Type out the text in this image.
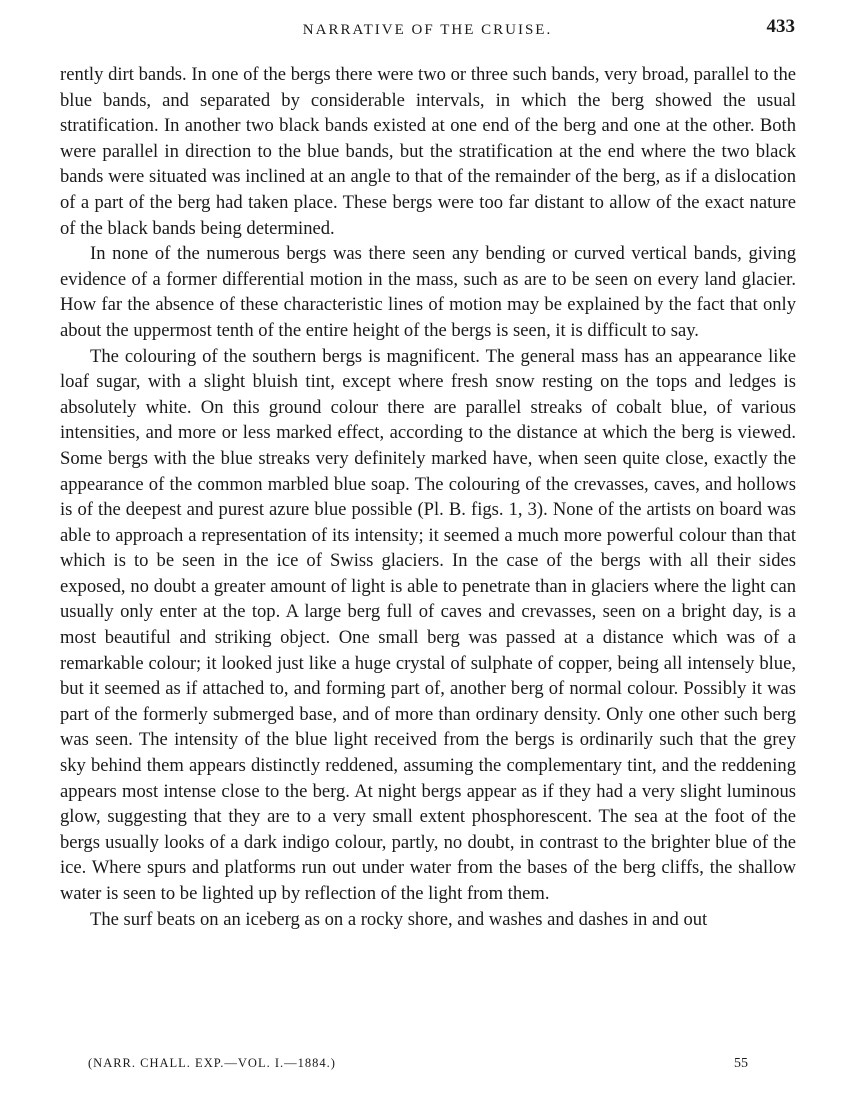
NARRATIVE OF THE CRUISE.	433

rently dirt bands. In one of the bergs there were two or three such bands, very broad, parallel to the blue bands, and separated by considerable intervals, in which the berg showed the usual stratification. In another two black bands existed at one end of the berg and one at the other. Both were parallel in direction to the blue bands, but the stratification at the end where the two black bands were situated was inclined at an angle to that of the remainder of the berg, as if a dislocation of a part of the berg had taken place. These bergs were too far distant to allow of the exact nature of the black bands being determined.

In none of the numerous bergs was there seen any bending or curved vertical bands, giving evidence of a former differential motion in the mass, such as are to be seen on every land glacier. How far the absence of these characteristic lines of motion may be explained by the fact that only about the uppermost tenth of the entire height of the bergs is seen, it is difficult to say.

The colouring of the southern bergs is magnificent. The general mass has an appearance like loaf sugar, with a slight bluish tint, except where fresh snow resting on the tops and ledges is absolutely white. On this ground colour there are parallel streaks of cobalt blue, of various intensities, and more or less marked effect, according to the distance at which the berg is viewed. Some bergs with the blue streaks very definitely marked have, when seen quite close, exactly the appearance of the common marbled blue soap. The colouring of the crevasses, caves, and hollows is of the deepest and purest azure blue possible (Pl. B. figs. 1, 3). None of the artists on board was able to approach a representation of its intensity; it seemed a much more powerful colour than that which is to be seen in the ice of Swiss glaciers. In the case of the bergs with all their sides exposed, no doubt a greater amount of light is able to penetrate than in glaciers where the light can usually only enter at the top. A large berg full of caves and crevasses, seen on a bright day, is a most beautiful and striking object. One small berg was passed at a distance which was of a remarkable colour; it looked just like a huge crystal of sulphate of copper, being all intensely blue, but it seemed as if attached to, and forming part of, another berg of normal colour. Possibly it was part of the formerly submerged base, and of more than ordinary density. Only one other such berg was seen. The intensity of the blue light received from the bergs is ordinarily such that the grey sky behind them appears distinctly reddened, assuming the complementary tint, and the reddening appears most intense close to the berg. At night bergs appear as if they had a very slight luminous glow, suggesting that they are to a very small extent phosphorescent. The sea at the foot of the bergs usually looks of a dark indigo colour, partly, no doubt, in contrast to the brighter blue of the ice. Where spurs and platforms run out under water from the bases of the berg cliffs, the shallow water is seen to be lighted up by reflection of the light from them.

The surf beats on an iceberg as on a rocky shore, and washes and dashes in and out

(NARR. CHALL. EXP.—VOL. I.—1884.)	55
